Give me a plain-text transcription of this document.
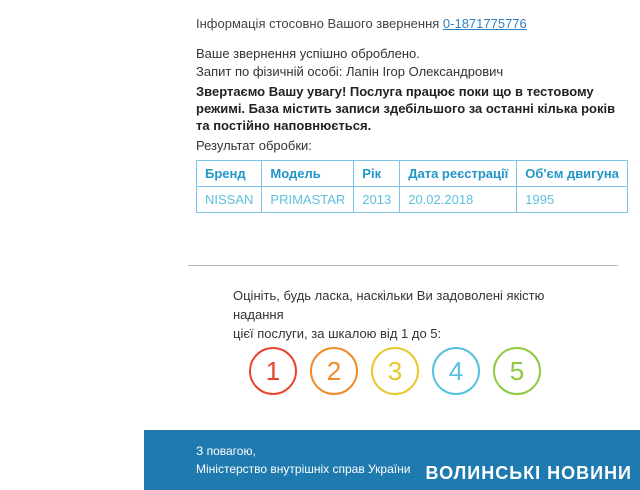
Інформація стосовно Вашого звернення 0-1871775776

Ваше звернення успішно оброблено.

Запит по фізичній особі: Лапін Ігор Олександрович

Звертаємо Вашу увагу! Послуга працює поки що в тестовому режимі. База містить записи здебільшого за останні кілька років та постійно наповнюється.

Результат обробки:

Бренд	Модель	Рік	Дата реєстрації	Об'єм двигуна
NISSAN	PRIMASTAR	2013	20.02.2018	1995
Оцініть, будь ласка, наскільки Ви задоволені якістю надання
цієї послуги, за шкалою від 1 до 5:
1 2 3 4 5
З повагою,
Міністерство внутрішніх справ України ВОЛИНСЬКІ НОВИНИ
